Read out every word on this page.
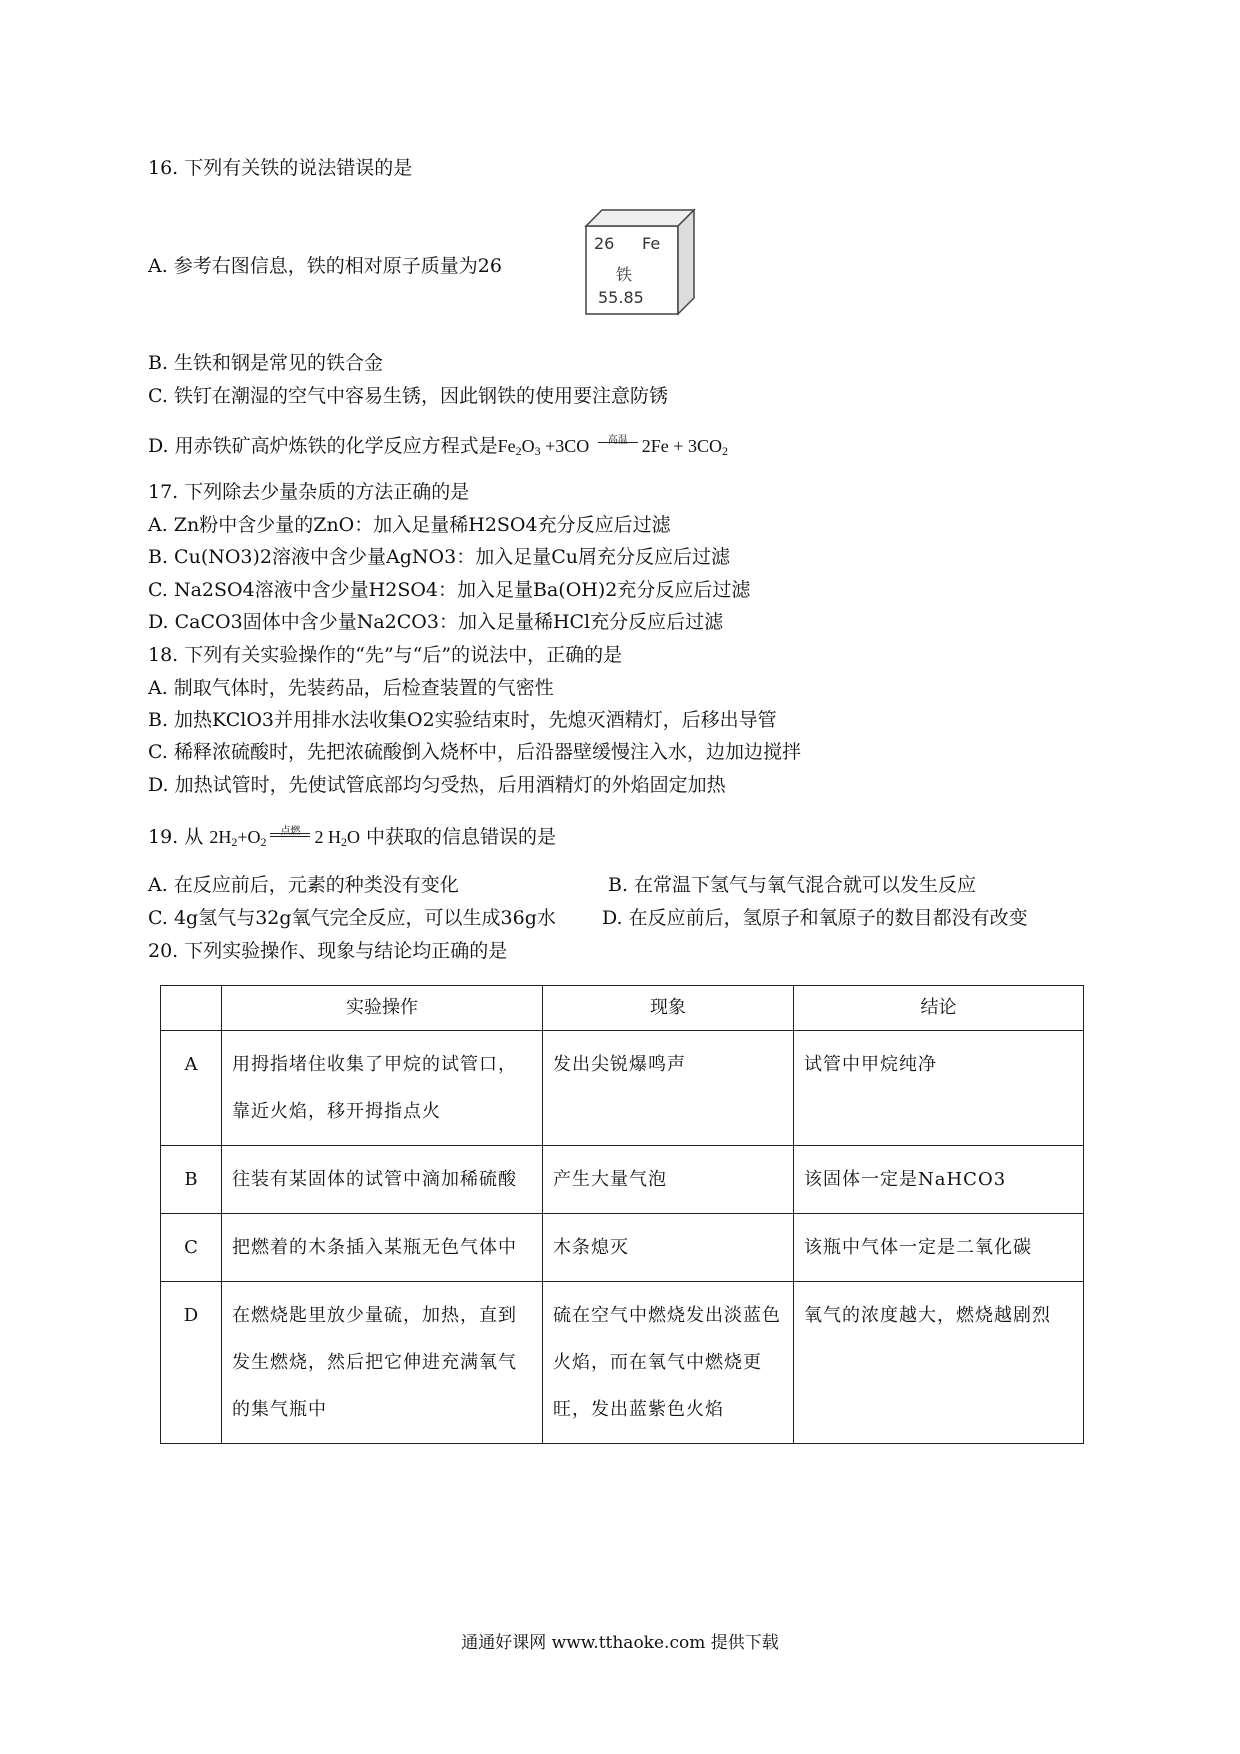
16. 下列有关铁的说法错误的是
A. 参考右图信息，铁的相对原子质量为26
26 Fe
铁
55.85
B. 生铁和钢是常见的铁合金
C. 铁钉在潮湿的空气中容易生锈，因此钢铁的使用要注意防锈
D. 用赤铁矿高炉炼铁的化学反应方程式是$Fe_2O_3 +3CO$	高温 $2Fe + 3CO_2$
17. 下列除去少量杂质的方法正确的是
A. Zn粉中含少量的ZnO：加入足量稀H2SO4充分反应后过滤
B. Cu(NO3)2溶液中含少量AgNO3：加入足量Cu屑充分反应后过滤
C. Na2SO4溶液中含少量H2SO4：加入足量Ba(OH)2充分反应后过滤
D. CaCO3固体中含少量Na2CO3：加入足量稀HCl充分反应后过滤
18. 下列有关实验操作的“先”与“后”的说法中，正确的是
A. 制取气体时，先装药品，后检查装置的气密性
B. 加热KClO3并用排水法收集O2实验结束时，先熄灭酒精灯，后移出导管
C. 稀释浓硫酸时，先把浓硫酸倒入烧杯中，后沿器壁缓慢注入水，边加边搅拌
D. 加热试管时，先使试管底部均匀受热，后用酒精灯的外焰固定加热
19. 从 $2H_2+O_2$
点燃 2 $H_2O$ 中获取的信息错误的是
A. 在反应前后，元素的种类没有变化	B. 在常温下氢气与氧气混合就可以发生反应
C. 4g氢气与32g氧气完全反应，可以生成36g水 D. 在反应前后，氢原子和氧原子的数目都没有改变
20. 下列实验操作、现象与结论均正确的是
	实验操作	现象	结论
A	用拇指堵住收集了甲烷的试管口，靠近火焰，移开拇指点火	发出尖锐爆鸣声	试管中甲烷纯净
B	往装有某固体的试管中滴加稀硫酸	产生大量气泡	该固体一定是NaHCO3
C	把燃着的木条插入某瓶无色气体中	木条熄灭	该瓶中气体一定是二氧化碳
D	在燃烧匙里放少量硫，加热，直到发生燃烧，然后把它伸进充满氧气的集气瓶中	硫在空气中燃烧发出淡蓝色火焰，而在氧气中燃烧更旺，发出蓝紫色火焰	氧气的浓度越大，燃烧越剧烈
通通好课网 www.tthaoke.com 提供下载
